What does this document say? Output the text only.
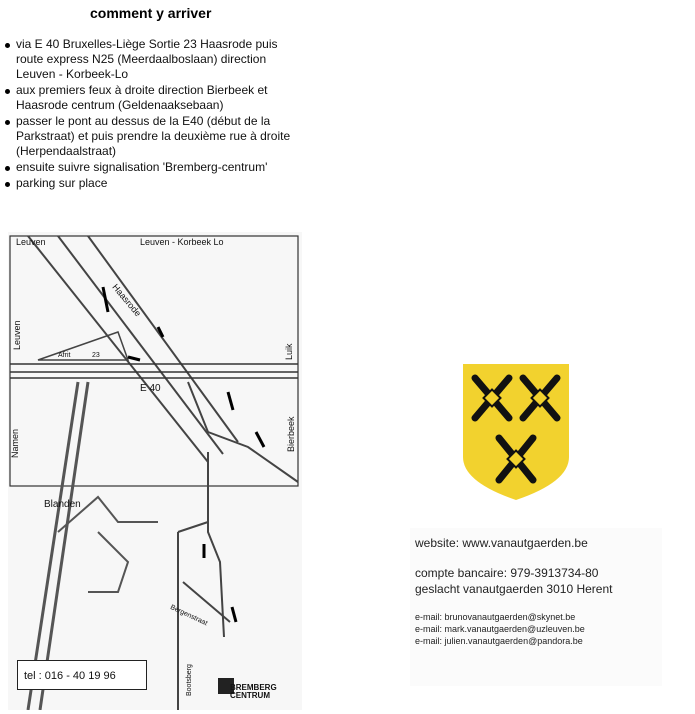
comment y arriver
via E 40 Bruxelles-Liège Sortie 23 Haasrode puis route express N25 (Meerdaalboslaan) direction Leuven - Korbeek-Lo
aux premiers feux à droite direction Bierbeek et Haasrode centrum (Geldenaaksebaan)
passer le pont au dessus de la E40 (début de la Parkstraat) et puis prendre la deuxième rue à droite (Herpendaalstraat)
ensuite suivre signalisation 'Bremberg-centrum'
parking sur place
Leuven	Leuven - Korbeek Lo
Haasrode
Leuven
Luik
E 40
Bierbeek
Namen
Afrit	23
Blanden
Bergenstraat
Bootsberg
tel : 016 - 40 19 96
BREMBERG
CENTRUM
website: www.vanautgaerden.be
compte bancaire: 979-3913734-80
geslacht vanautgaerden 3010 Herent
e-mail: brunovanautgaerden@skynet.be
e-mail: mark.vanautgaerden@uzleuven.be
e-mail: julien.vanautgaerden@pandora.be
